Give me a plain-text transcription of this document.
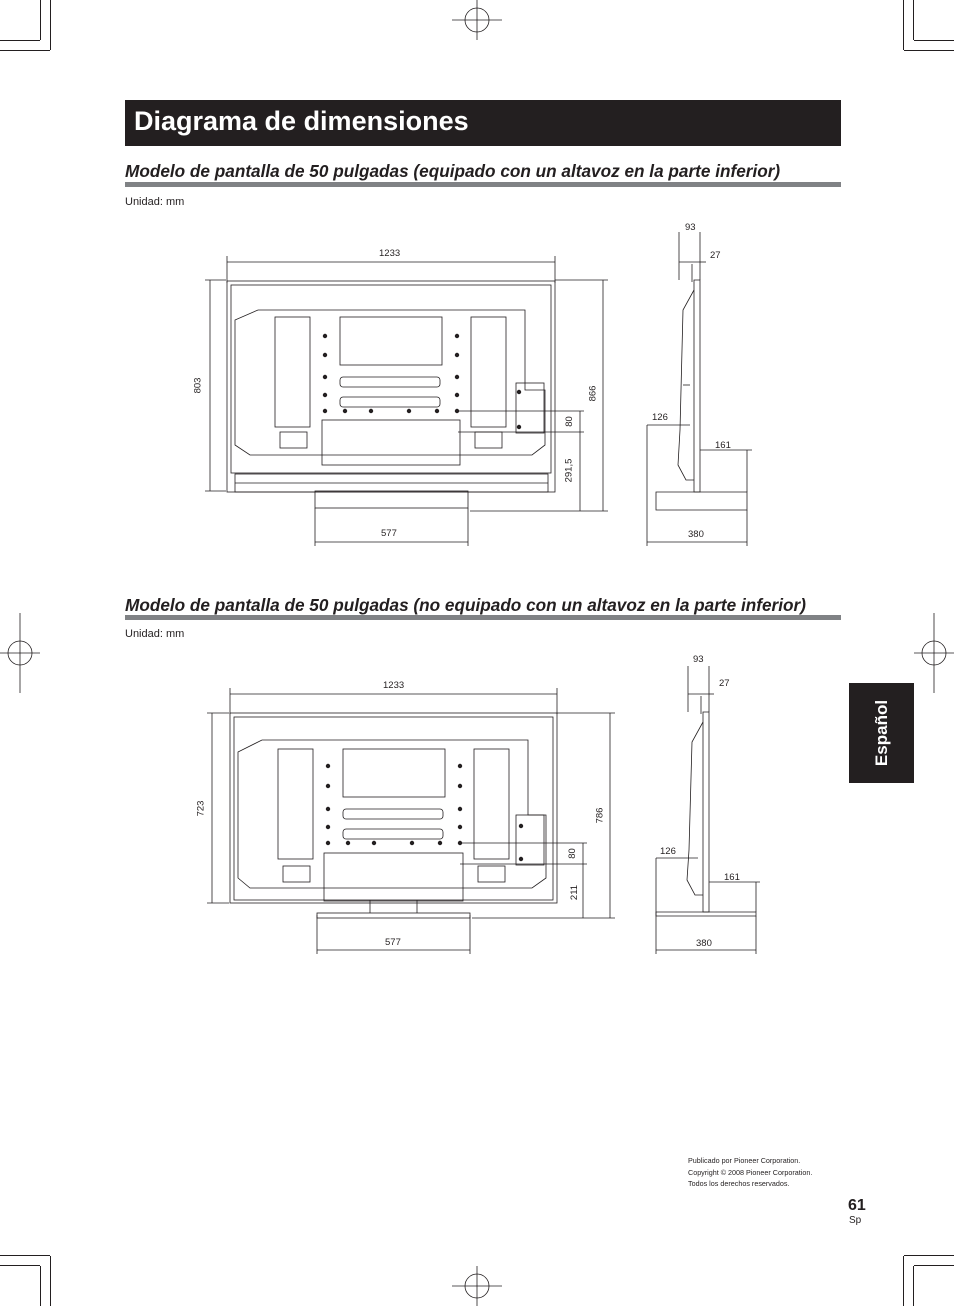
Diagrama de dimensiones
Modelo de pantalla de 50 pulgadas (equipado con un altavoz en la parte inferior)
Unidad: mm
Modelo de pantalla de 50 pulgadas (no equipado con un altavoz en la parte inferior)
Unidad: mm
1233
803
866
80
291,5
577
93
27
126
161
380
1233
723	786
80
211
577
93
27
126
161
380
Español
Publicado por Pioneer Corporation.
Copyright © 2008 Pioneer Corporation.
Todos los derechos reservados.
61
Sp
